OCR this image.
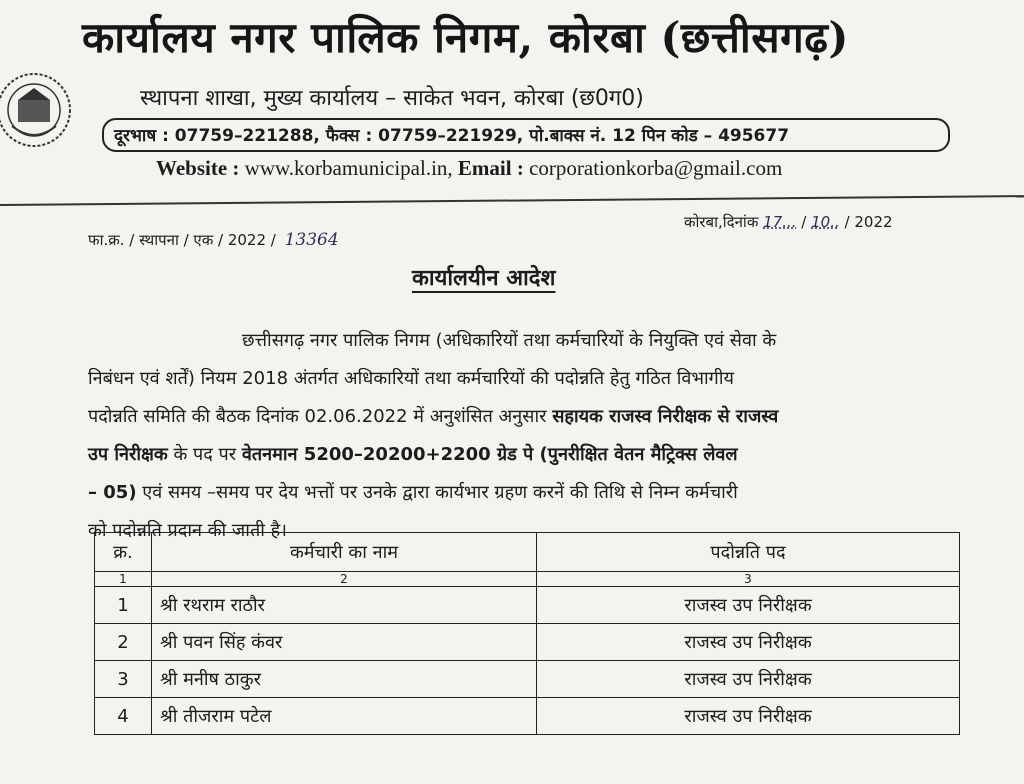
कार्यालय नगर पालिक निगम, कोरबा (छत्तीसगढ़)
स्थापना शाखा, मुख्य कार्यालय – साकेत भवन, कोरबा (छ0ग0)
दूरभाष : 07759–221288, फैक्स : 07759–221929, पो.बाक्स नं. 12 पिन कोड – 495677
Website : www.korbamunicipal.in, Email : corporationkorba@gmail.com
फा.क्र. / स्थापना / एक / 2022 / 13364
कोरबा,दिनांक 17... / 10.. / 2022
कार्यालयीन आदेश
छत्तीसगढ़ नगर पालिक निगम (अधिकारियों तथा कर्मचारियों के नियुक्ति एवं सेवा के
निबंधन एवं शर्तें) नियम 2018 अंतर्गत अधिकारियों तथा कर्मचारियों की पदोन्नति हेतु गठित विभागीय
पदोन्नति समिति की बैठक दिनांक 02.06.2022 में अनुशंसित अनुसार सहायक राजस्व निरीक्षक से राजस्व
उप निरीक्षक के पद पर वेतनमान 5200–20200+2200 ग्रेड पे (पुनरीक्षित वेतन मैट्रिक्स लेवल
– 05) एवं समय –समय पर देय भत्तों पर उनके द्वारा कार्यभार ग्रहण करनें की तिथि से निम्न कर्मचारी
को पदोन्नति प्रदान की जाती है।
क्र.	कर्मचारी का नाम	पदोन्नति पद
1	2	3
1	श्री रथराम राठौर	राजस्व उप निरीक्षक
2	श्री पवन सिंह कंवर	राजस्व उप निरीक्षक
3	श्री मनीष ठाकुर	राजस्व उप निरीक्षक
4	श्री तीजराम पटेल	राजस्व उप निरीक्षक
